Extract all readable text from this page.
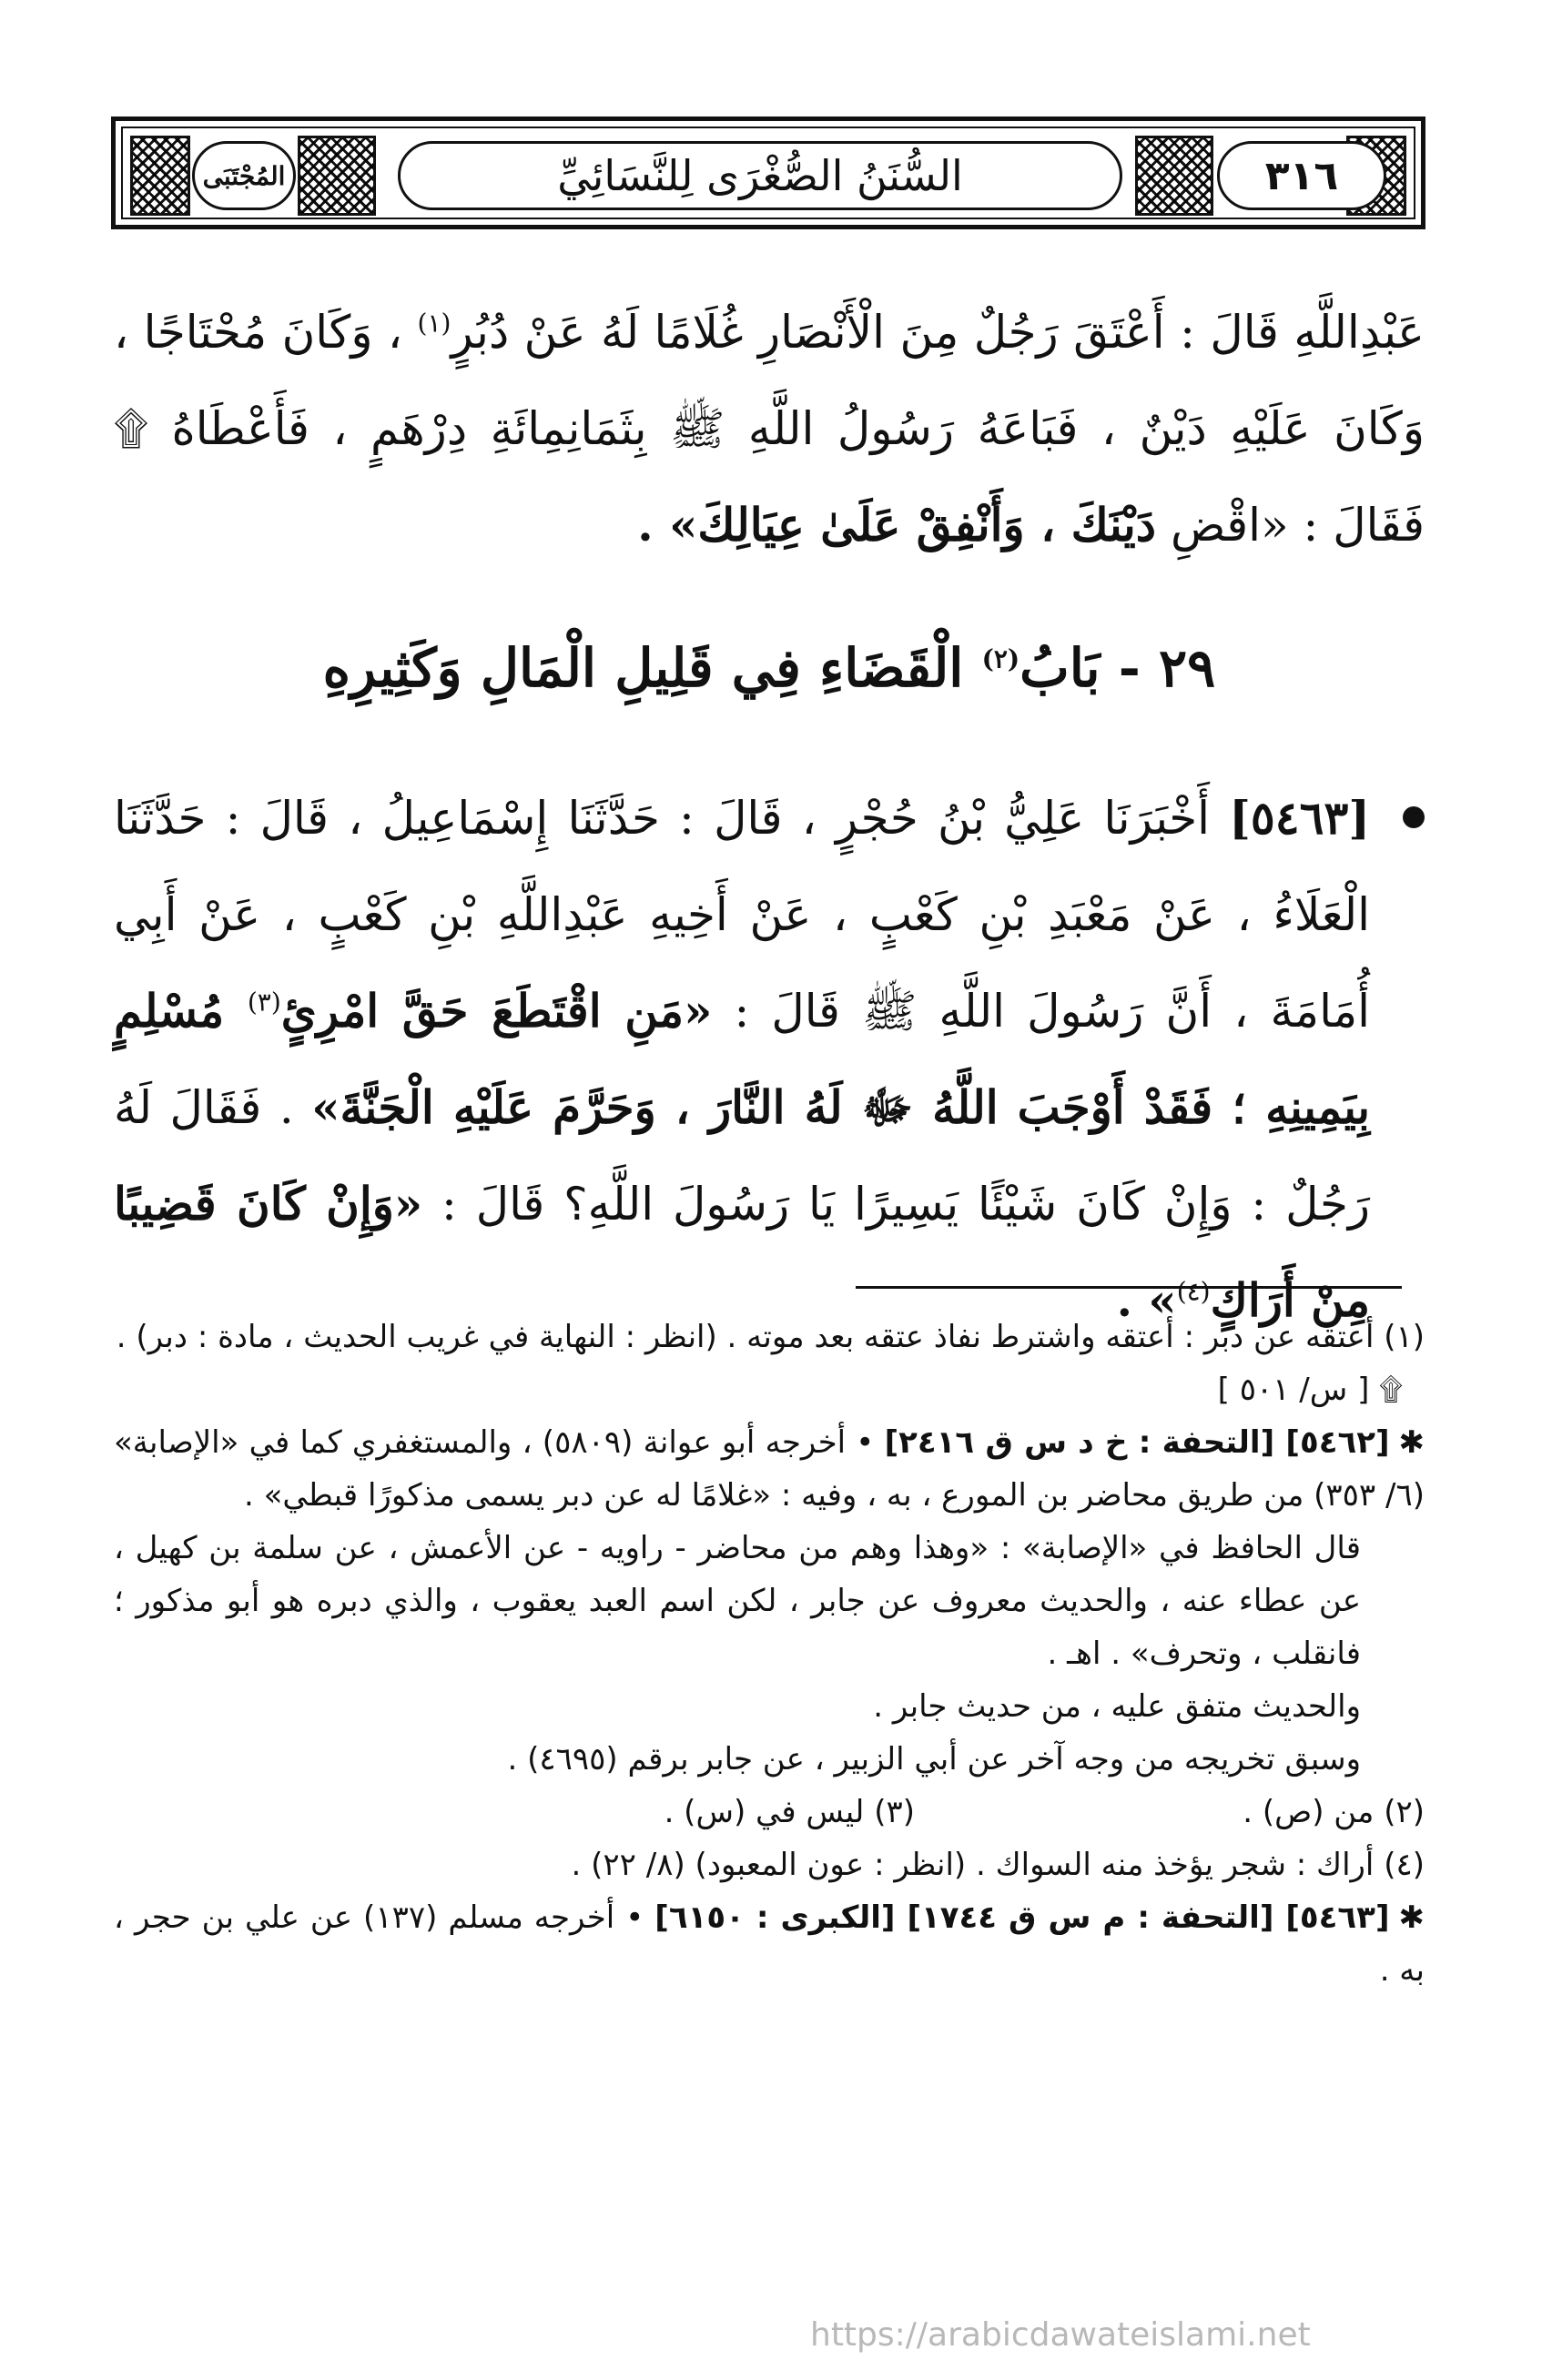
المُجْتَبَى	السُّنَنُ الصُّغْرَى لِلنَّسَائِيِّ	٣١٦
عَبْدِاللَّهِ قَالَ : أَعْتَقَ رَجُلٌ مِنَ الْأَنْصَارِ غُلَامًا لَهُ عَنْ دُبُرٍ$^{(١)}$ ، وَكَانَ مُحْتَاجًا ، وَكَانَ عَلَيْهِ دَيْنٌ ، فَبَاعَهُ رَسُولُ اللَّهِ ﷺ بِثَمَانِمِائَةِ دِرْهَمٍ ، فَأَعْطَاهُ ۩ فَقَالَ : «اقْضِ دَيْنَكَ ، وَأَنْفِقْ عَلَىٰ عِيَالِكَ» .
٢٩ - بَابُ$^{(٢)}$ الْقَضَاءِ فِي قَلِيلِ الْمَالِ وَكَثِيرِهِ
[٥٤٦٣] أَخْبَرَنَا عَلِيُّ بْنُ حُجْرٍ ، قَالَ : حَدَّثَنَا إِسْمَاعِيلُ ، قَالَ : حَدَّثَنَا الْعَلَاءُ ، عَنْ مَعْبَدِ بْنِ كَعْبٍ ، عَنْ أَخِيهِ عَبْدِاللَّهِ بْنِ كَعْبٍ ، عَنْ أَبِي أُمَامَةَ ، أَنَّ رَسُولَ اللَّهِ ﷺ قَالَ : «مَنِ اقْتَطَعَ حَقَّ امْرِئٍ$^{(٣)}$ مُسْلِمٍ بِيَمِينِهِ ؛ فَقَدْ أَوْجَبَ اللَّهُ ﷻ لَهُ النَّارَ ، وَحَرَّمَ عَلَيْهِ الْجَنَّةَ» . فَقَالَ لَهُ رَجُلٌ : وَإِنْ كَانَ شَيْئًا يَسِيرًا يَا رَسُولَ اللَّهِ؟ قَالَ : «وَإِنْ كَانَ قَضِيبًا مِنْ أَرَاكٍ$^{(٤)}$» .

(١) أعتقه عن دبر : أعتقه واشترط نفاذ عتقه بعد موته . (انظر : النهاية في غريب الحديث ، مادة : دبر) .

۩ [ س/ ٥٠١ ]

✱[٥٤٦٢] [التحفة : خ د س ق ٢٤١٦] • أخرجه أبو عوانة (٥٨٠٩) ، والمستغفري كما في «الإصابة» (٦/ ٣٥٣) من طريق محاضر بن المورع ، به ، وفيه : «غلامًا له عن دبر يسمى مذكورًا قبطي» .

قال الحافظ في «الإصابة» : «وهذا وهم من محاضر - راويه - عن الأعمش ، عن سلمة بن كهيل ، عن عطاء عنه ، والحديث معروف عن جابر ، لكن اسم العبد يعقوب ، والذي دبره هو أبو مذكور ؛ فانقلب ، وتحرف» . اهـ .

والحديث متفق عليه ، من حديث جابر .

وسبق تخريجه من وجه آخر عن أبي الزبير ، عن جابر برقم (٤٦٩٥) .

(٢) من (ص) .
(٣) ليس في (س) .

(٤) أراك : شجر يؤخذ منه السواك . (انظر : عون المعبود) (٨/ ٢٢) .

✱[٥٤٦٣] [التحفة : م س ق ١٧٤٤] [الكبرى : ٦١٥٠] • أخرجه مسلم (١٣٧) عن علي بن حجر ، به .

https://arabicdawateislami.net
